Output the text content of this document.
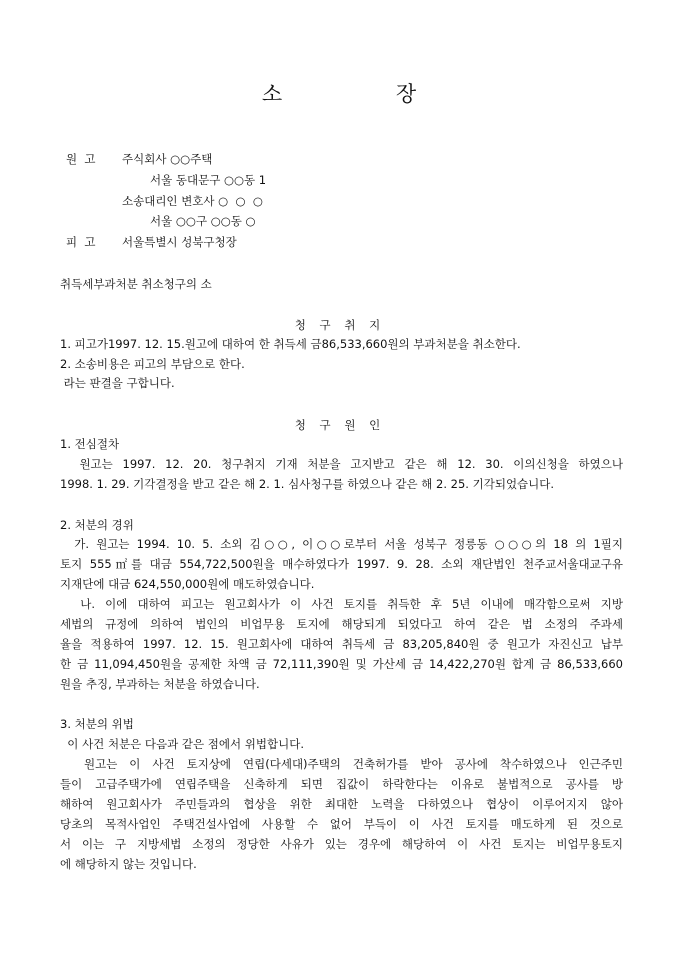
소	장
원  고 주식회사 ○○주택
서울 동대문구 ○○동 1
소송대리인 변호사 ○  ○  ○
서울 ○○구 ○○동 ○
피  고 서울특별시 성북구청장
취득세부과처분 취소청구의 소
청 구 취 지
1. 피고가1997. 12. 15.원고에 대하여 한 취득세 금86,533,660원의 부과처분을 취소한다.
2. 소송비용은 피고의 부담으로 한다.
라는 판결을 구합니다.
청 구 원 인
1. 전심절차
원고는 1997. 12. 20. 청구취지 기재 처분을 고지받고 같은 해 12. 30. 이의신청을 하였으나
1998. 1. 29. 기각결정을 받고 같은 해 2. 1. 심사청구를 하였으나 같은 해 2. 25. 기각되었습니다.
2. 처분의 경위
가. 원고는 1994. 10. 5. 소외 김○○, 이○○로부터 서울 성북구 정릉동 ○○○의 18 의 1필지
토지 555㎡를 대금 554,722,500원을 매수하였다가 1997. 9. 28. 소외 재단법인 천주교서울대교구유
지재단에 대금 624,550,000원에 매도하였습니다.
나. 이에 대하여 피고는 원고회사가 이 사건 토지를 취득한 후 5년 이내에 매각함으로써 지방
세법의 규정에 의하여 법인의 비업무용 토지에 해당되게 되었다고 하여 같은 법 소정의 주과세
율을 적용하여 1997. 12. 15. 원고회사에 대하여 취득세 금 83,205,840원 중 원고가 자진신고 납부
한 금 11,094,450원을 공제한 차액 금 72,111,390원 및 가산세 금 14,422,270원 합계 금 86,533,660
원을 추징, 부과하는 처분을 하였습니다.
3. 처분의 위법
이 사건 처분은 다음과 같은 점에서 위법합니다.
원고는 이 사건 토지상에 연립(다세대)주택의 건축허가를 받아 공사에 착수하였으나 인근주민
들이 고급주택가에 연립주택을 신축하게 되면 집값이 하락한다는 이유로 불법적으로 공사를 방
해하여 원고회사가 주민들과의 협상을 위한 최대한 노력을 다하였으나 협상이 이루어지지 않아
당초의 목적사업인 주택건설사업에 사용할 수 없어 부득이 이 사건 토지를 매도하게 된 것으로
서 이는 구 지방세법 소정의 정당한 사유가 있는 경우에 해당하여 이 사건 토지는 비업무용토지
에 해당하지 않는 것입니다.
